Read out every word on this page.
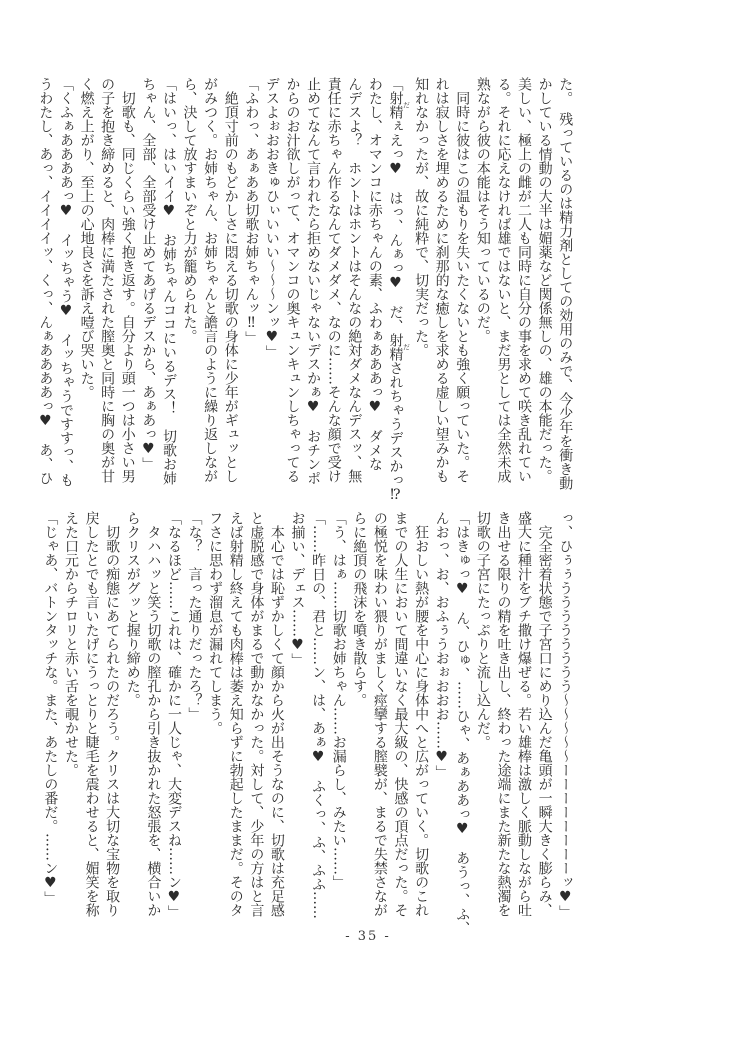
た。　残っているのは精力剤としての効用のみで、今少年を衝き動
かしている情動の大半は媚薬など関係無しの、雄の本能だった。
美しい、極上の雌が二人も同時に自分の事を求めて咲き乱れてい
る。それに応えなければ雄ではないと、まだ男としては全然未成
熟ながら彼の本能はそう知っているのだ。
　同時に彼はこの温もりを失いたくないとも強く願っていた。そ
れは寂しさを埋めるために刹那的な癒しを求める虚しい望みかも
知れなかったが、故に純粋で、切実だった。
「射精 だぇえっ♥　はっ、んぁっ♥　だ、射精 だされちゃうデスかっ⁉
わたし、オマンコに赤ちゃんの素、ふわぁあああっ♥　ダメな
んデスよ？　ホントはホントはそんなの絶対ダメなんデスッ、無
責任に赤ちゃん作るなんてダメダメ、なのに……そんな顔で受け
止めてなんて言われたら拒めないじゃないデスかぁ♥　おチンポ
からのお汁欲しがって、オマンコの奥キュンキュンしちゃってる
デスよぉおおきゅひぃいいい～～～ンッ♥」
「ふわっ、あぁああ切歌お姉ちゃんッ‼」
　絶頂寸前のもどかしさに悶える切歌の身体に少年がギュッとし
がみつく。お姉ちゃん、お姉ちゃんと譫言のように繰り返しなが
ら、決して放すまいぞと力が籠められた。
「はいっ、はいイイ♥　お姉ちゃんココにいるデス！　切歌お姉
ちゃん、全部、全部受け止めてあげるデスから、あぁあっ♥」
　切歌も、同じくらい強く抱き返す。自分より頭一つは小さい男
の子を抱き締めると、肉棒に満たされた膣奥と同時に胸の奥が甘
く燃え上がり、至上の心地良さを訴え噎び哭いた。
「くふぁああああっ♥　イッちゃう♥　イッちゃうですすっ、も
うわたし、あっ、イイイイッ、くっ、んぁああああっ♥　あ、ひ

っ、ひぅぅうううううううう～～～～～ーーーーーーーーッ♥」
　完全密着状態で子宮口にめり込んだ亀頭が一瞬大きく膨らみ、
盛大に種汁をブチ撒け爆ぜる。若い雄棒は激しく脈動しながら吐
き出せる限りの精を吐き出し、終わった途端にまた新たな熱濁を
切歌の子宮にたっぷりと流し込んだ。
「はきゅっ♥　ん、ひゅ、……ひゃ、あぁああっ♥　あうっ、ふ、
んおっ、お、おふぅうおぉおおお……♥」
　狂おしい熱が腰を中心に身体中へと広がっていく。切歌のこれ
までの人生において間違いなく最大級の、快感の頂点だった。そ
の極悦を味わい猥りがましく痙攣する膣襞が、まるで失禁さなが
らに絶頂の飛沫を噴き散らす。
「う、はぁ……切歌お姉ちゃん……お漏らし、みたい……」
「……昨日の、君と……ン、は、あぁ♥　ふくっ、ふ、ふふ……
お揃い、デェス……♥」
　本心では恥ずかしくて顔から火が出そうなのに、切歌は充足感
と虚脱感で身体がまるで動かなかった。対して、少年の方はと言
えば射精し終えても肉棒は萎え知らずに勃起したままだ。そのタ
フさに思わず溜息が漏れてしまう。
「な？　言った通りだったろ？」
「なるほど……これは、確かに一人じゃ、大変デスね……ン♥」
　タハハッと笑う切歌の膣孔から引き抜かれた怒張を、横合いか
らクリスがグッと握り締めた。
　切歌の痴態にあてられたのだろう。クリスは大切な宝物を取り
戻したとでも言いたげにうっとりと睫毛を震わせると、媚笑を称
えた口元からチロリと赤い舌を覗かせた。
「じゃあ、バトンタッチな。また、あたしの番だ。……ン♥」
- 35 -
